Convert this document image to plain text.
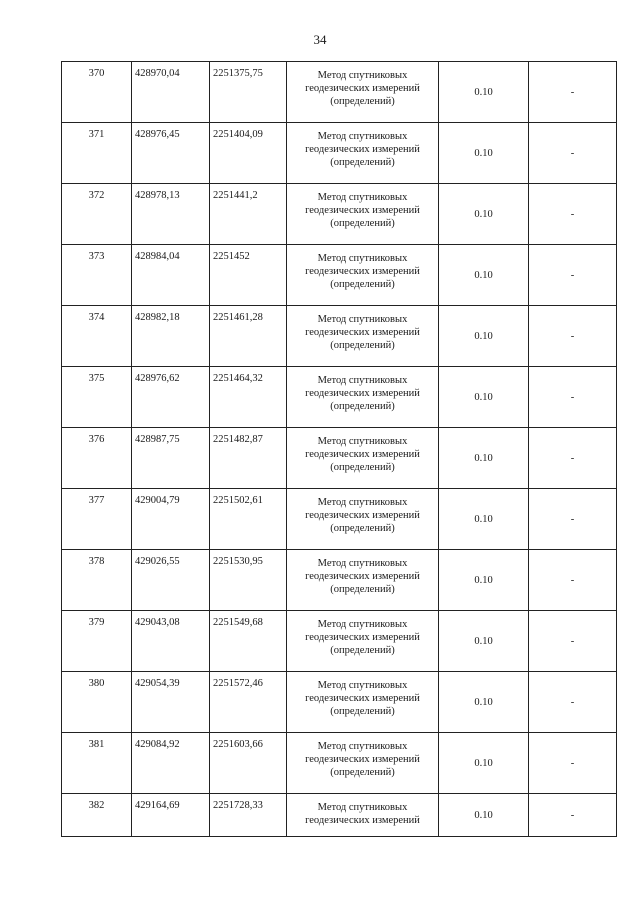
34
370	428970,04	2251375,75	Метод спутниковых
геодезических измерений
(определений)	0.10	-

371	428976,45	2251404,09	Метод спутниковых
геодезических измерений
(определений)	0.10	-

372	428978,13	2251441,2	Метод спутниковых
геодезических измерений
(определений)	0.10	-

373	428984,04	2251452	Метод спутниковых
геодезических измерений
(определений)	0.10	-

374	428982,18	2251461,28	Метод спутниковых
геодезических измерений
(определений)	0.10	-

375	428976,62	2251464,32	Метод спутниковых
геодезических измерений
(определений)	0.10	-

376	428987,75	2251482,87	Метод спутниковых
геодезических измерений
(определений)	0.10	-

377	429004,79	2251502,61	Метод спутниковых
геодезических измерений
(определений)	0.10	-

378	429026,55	2251530,95	Метод спутниковых
геодезических измерений
(определений)	0.10	-

379	429043,08	2251549,68	Метод спутниковых
геодезических измерений
(определений)	0.10	-

380	429054,39	2251572,46	Метод спутниковых
геодезических измерений
(определений)	0.10	-

381	429084,92	2251603,66	Метод спутниковых
геодезических измерений
(определений)	0.10	-

382	429164,69	2251728,33	Метод спутниковых
геодезических измерений	0.10	-
